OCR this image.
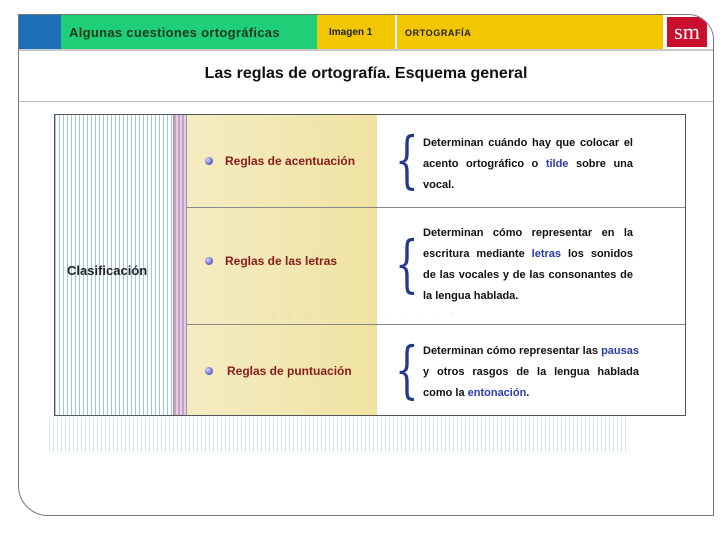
Algunas cuestiones ortográficas	Imagen 1	ORTOGRAFÍA	sm
Las reglas de ortografía. Esquema general
Clasificación
· · · · · · · · · · · · ·
Reglas de acentuación { Determinan cuándo hay que colocar el acento ortográfico o tilde sobre una vocal.
Reglas de las letras { Determinan cómo representar en la escritura mediante letras los sonidos de las vocales y de las consonantes de la lengua hablada.
Reglas de puntuación { Determinan cómo representar las pausas y otros rasgos de la lengua hablada como la entonación.
